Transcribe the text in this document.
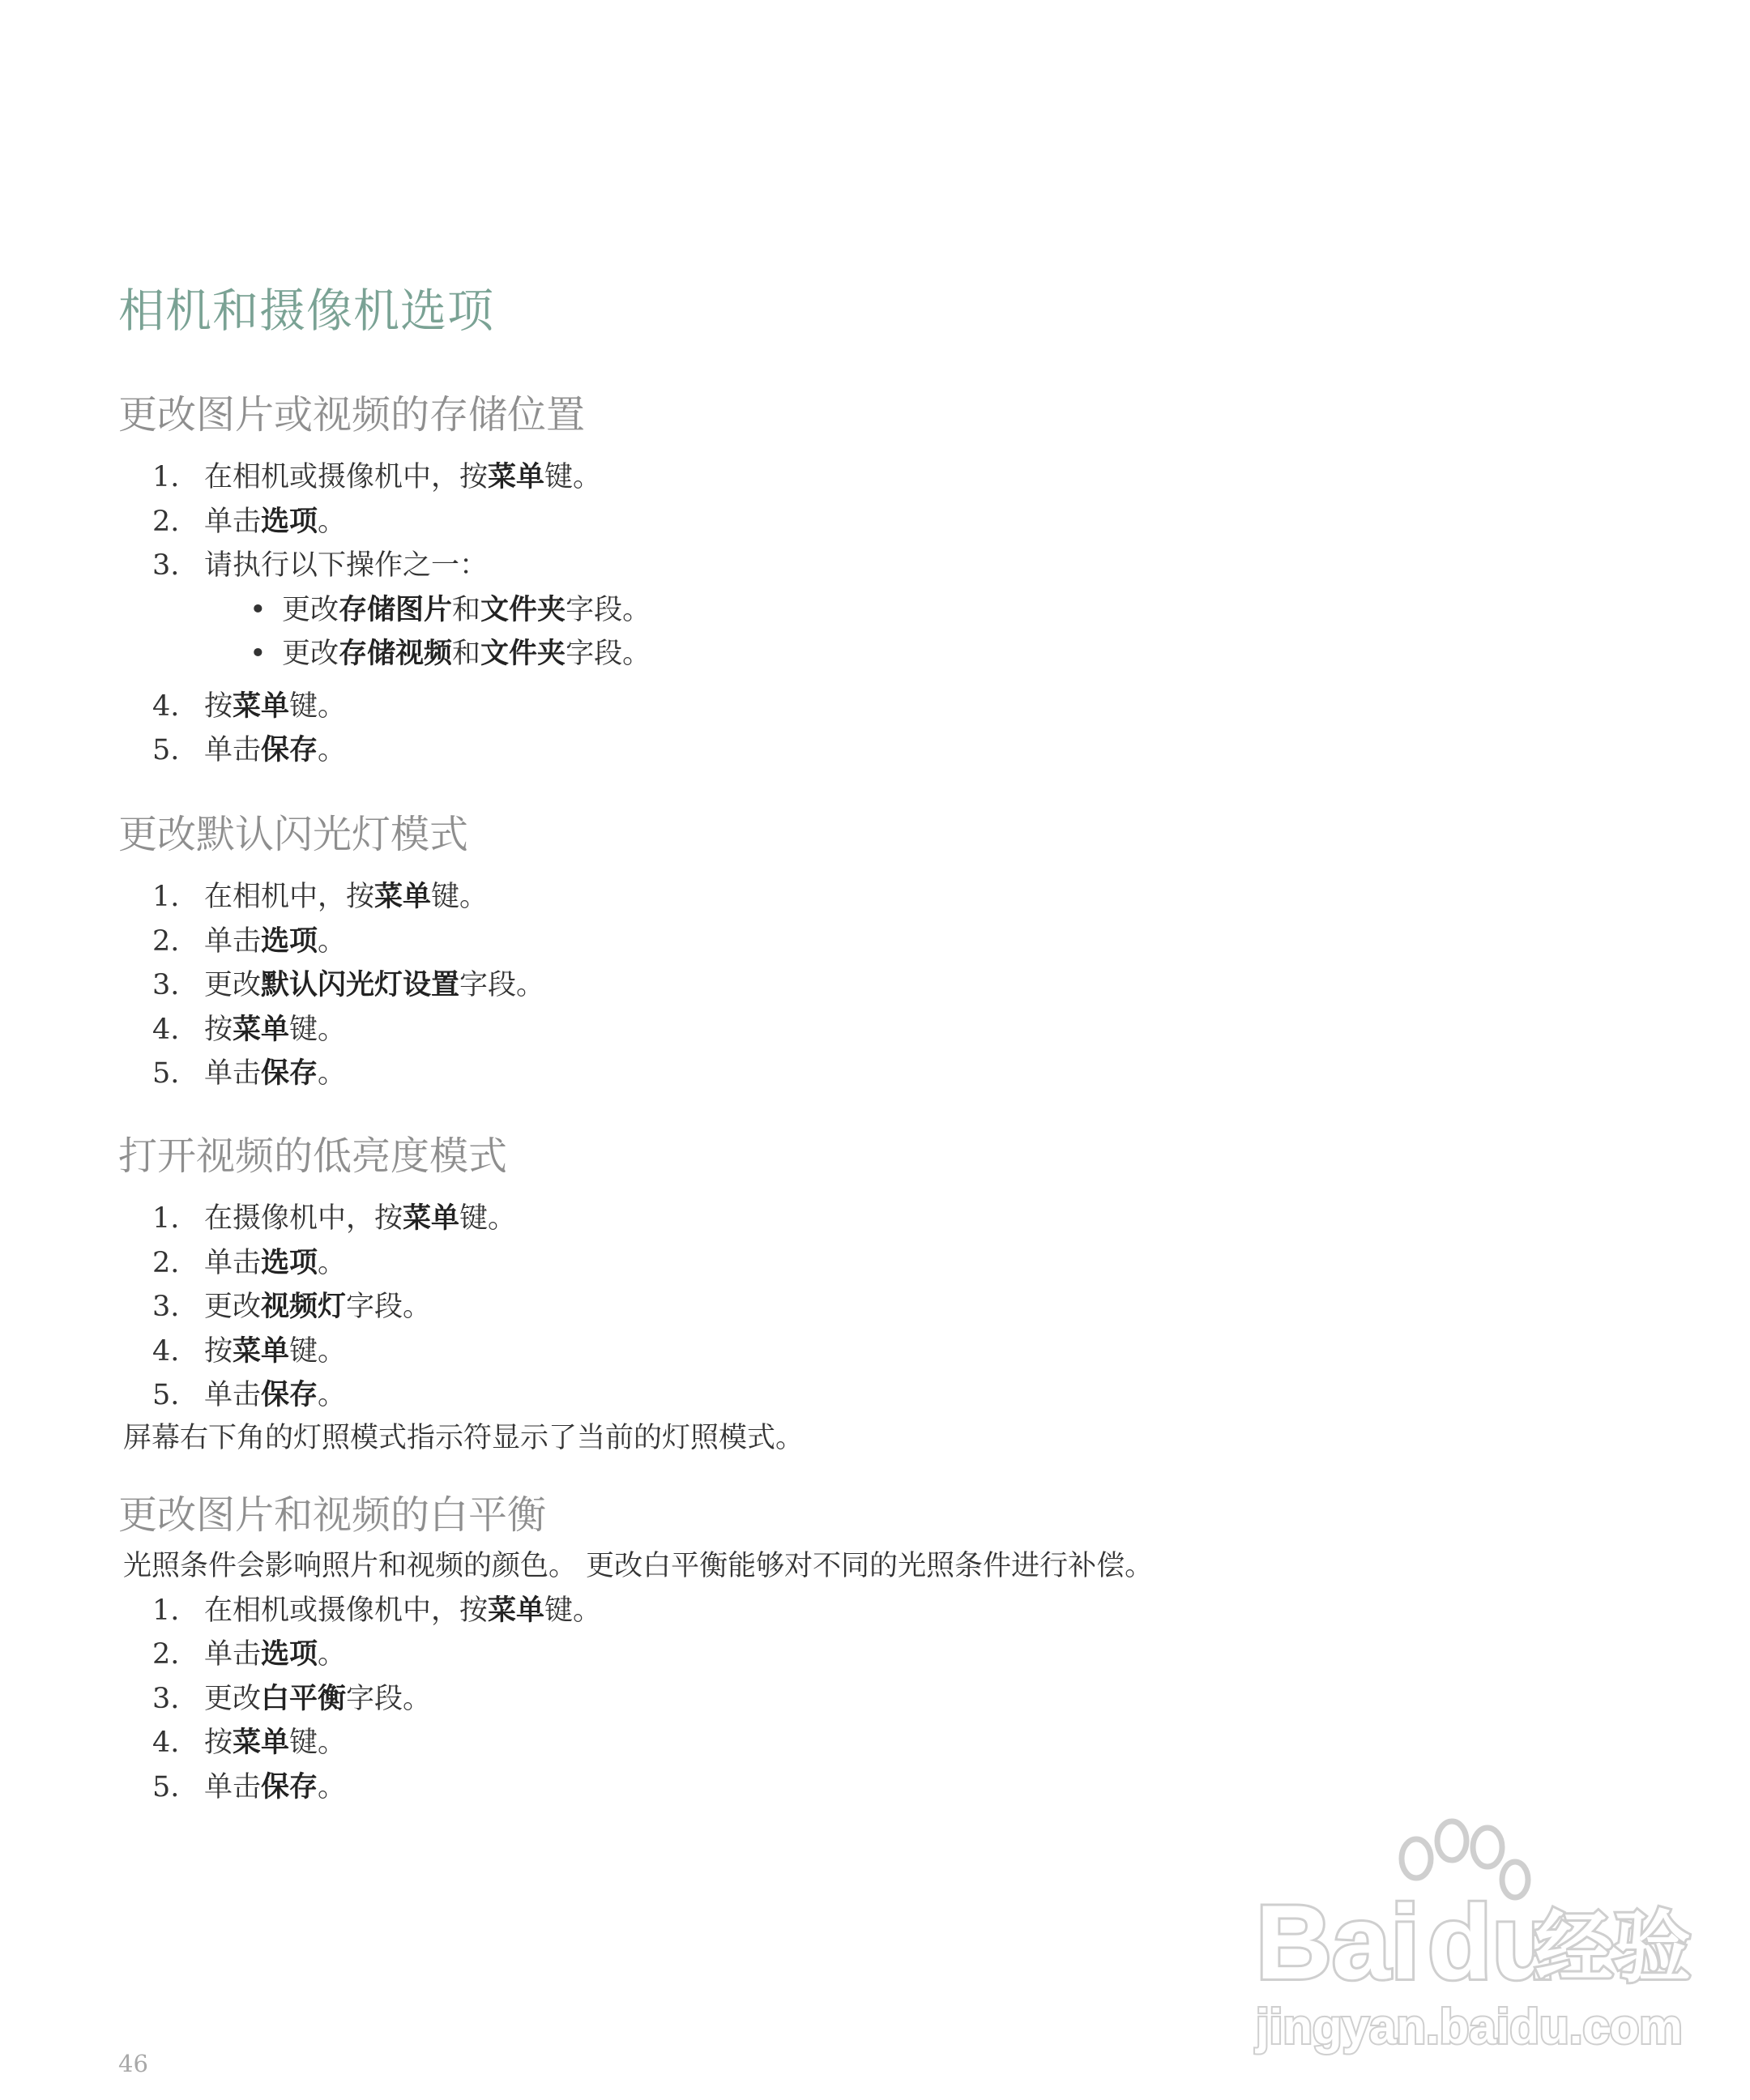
相机和摄像机选项
更改图片或视频的存储位置
1. 在相机或摄像机中，按菜单键。
2. 单击选项。
3. 请执行以下操作之一：
• 更改存储图片和文件夹字段。
• 更改存储视频和文件夹字段。
4. 按菜单键。
5. 单击保存。
更改默认闪光灯模式
1. 在相机中，按菜单键。
2. 单击选项。
3. 更改默认闪光灯设置字段。
4. 按菜单键。
5. 单击保存。
打开视频的低亮度模式
1. 在摄像机中，按菜单键。
2. 单击选项。
3. 更改视频灯字段。
4. 按菜单键。
5. 单击保存。

屏幕右下角的灯照模式指示符显示了当前的灯照模式。

更改图片和视频的白平衡

光照条件会影响照片和视频的颜色。 更改白平衡能够对不同的光照条件进行补偿。

1. 在相机或摄像机中，按菜单键。
2. 单击选项。
3. 更改白平衡字段。
4. 按菜单键。
5. 单击保存。
Bai du
经验
jingyan.baidu.com
46
